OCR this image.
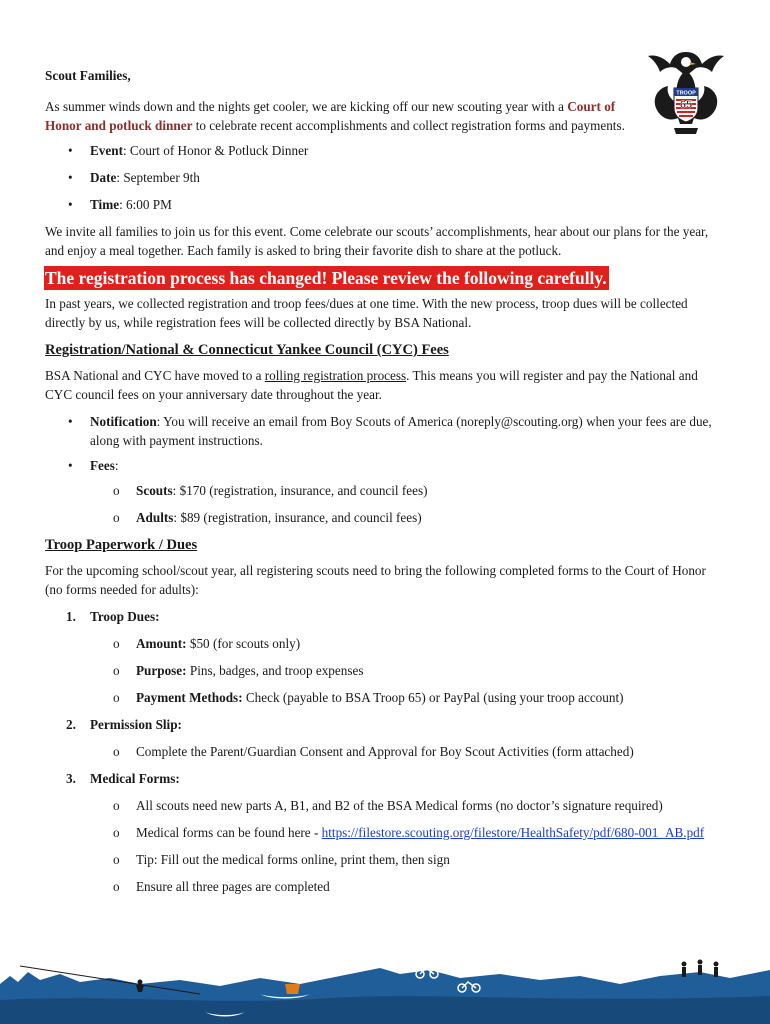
TROOP
65

Scout Families,

As summer winds down and the nights get cooler, we are kicking off our new scouting year with a Court of Honor and potluck dinner to celebrate recent accomplishments and collect registration forms and payments.

• Event: Court of Honor & Potluck Dinner
• Date: September 9th
• Time: 6:00 PM

We invite all families to join us for this event. Come celebrate our scouts’ accomplishments, hear about our plans for the year, and enjoy a meal together. Each family is asked to bring their favorite dish to share at the potluck.

The registration process has changed! Please review the following carefully.

In past years, we collected registration and troop fees/dues at one time. With the new process, troop dues will be collected directly by us, while registration fees will be collected directly by BSA National.

Registration/National & Connecticut Yankee Council (CYC) Fees

BSA National and CYC have moved to a rolling registration process. This means you will register and pay the National and CYC council fees on your anniversary date throughout the year.

• Notification: You will receive an email from Boy Scouts of America (noreply@scouting.org) when your fees are due, along with payment instructions.
• Fees:
o Scouts: $170 (registration, insurance, and council fees)
o Adults: $89 (registration, insurance, and council fees)
Troop Paperwork / Dues

For the upcoming school/scout year, all registering scouts need to bring the following completed forms to the Court of Honor (no forms needed for adults):

1. Troop Dues:
o Amount: $50 (for scouts only)
o Purpose: Pins, badges, and troop expenses
o Payment Methods: Check (payable to BSA Troop 65) or PayPal (using your troop account)
2. Permission Slip:
o Complete the Parent/Guardian Consent and Approval for Boy Scout Activities (form attached)
3. Medical Forms:
o All scouts need new parts A, B1, and B2 of the BSA Medical forms (no doctor’s signature required)
o Medical forms can be found here - https://filestore.scouting.org/filestore/HealthSafety/pdf/680-001_AB.pdf
o Tip: Fill out the medical forms online, print them, then sign
o Ensure all three pages are completed
